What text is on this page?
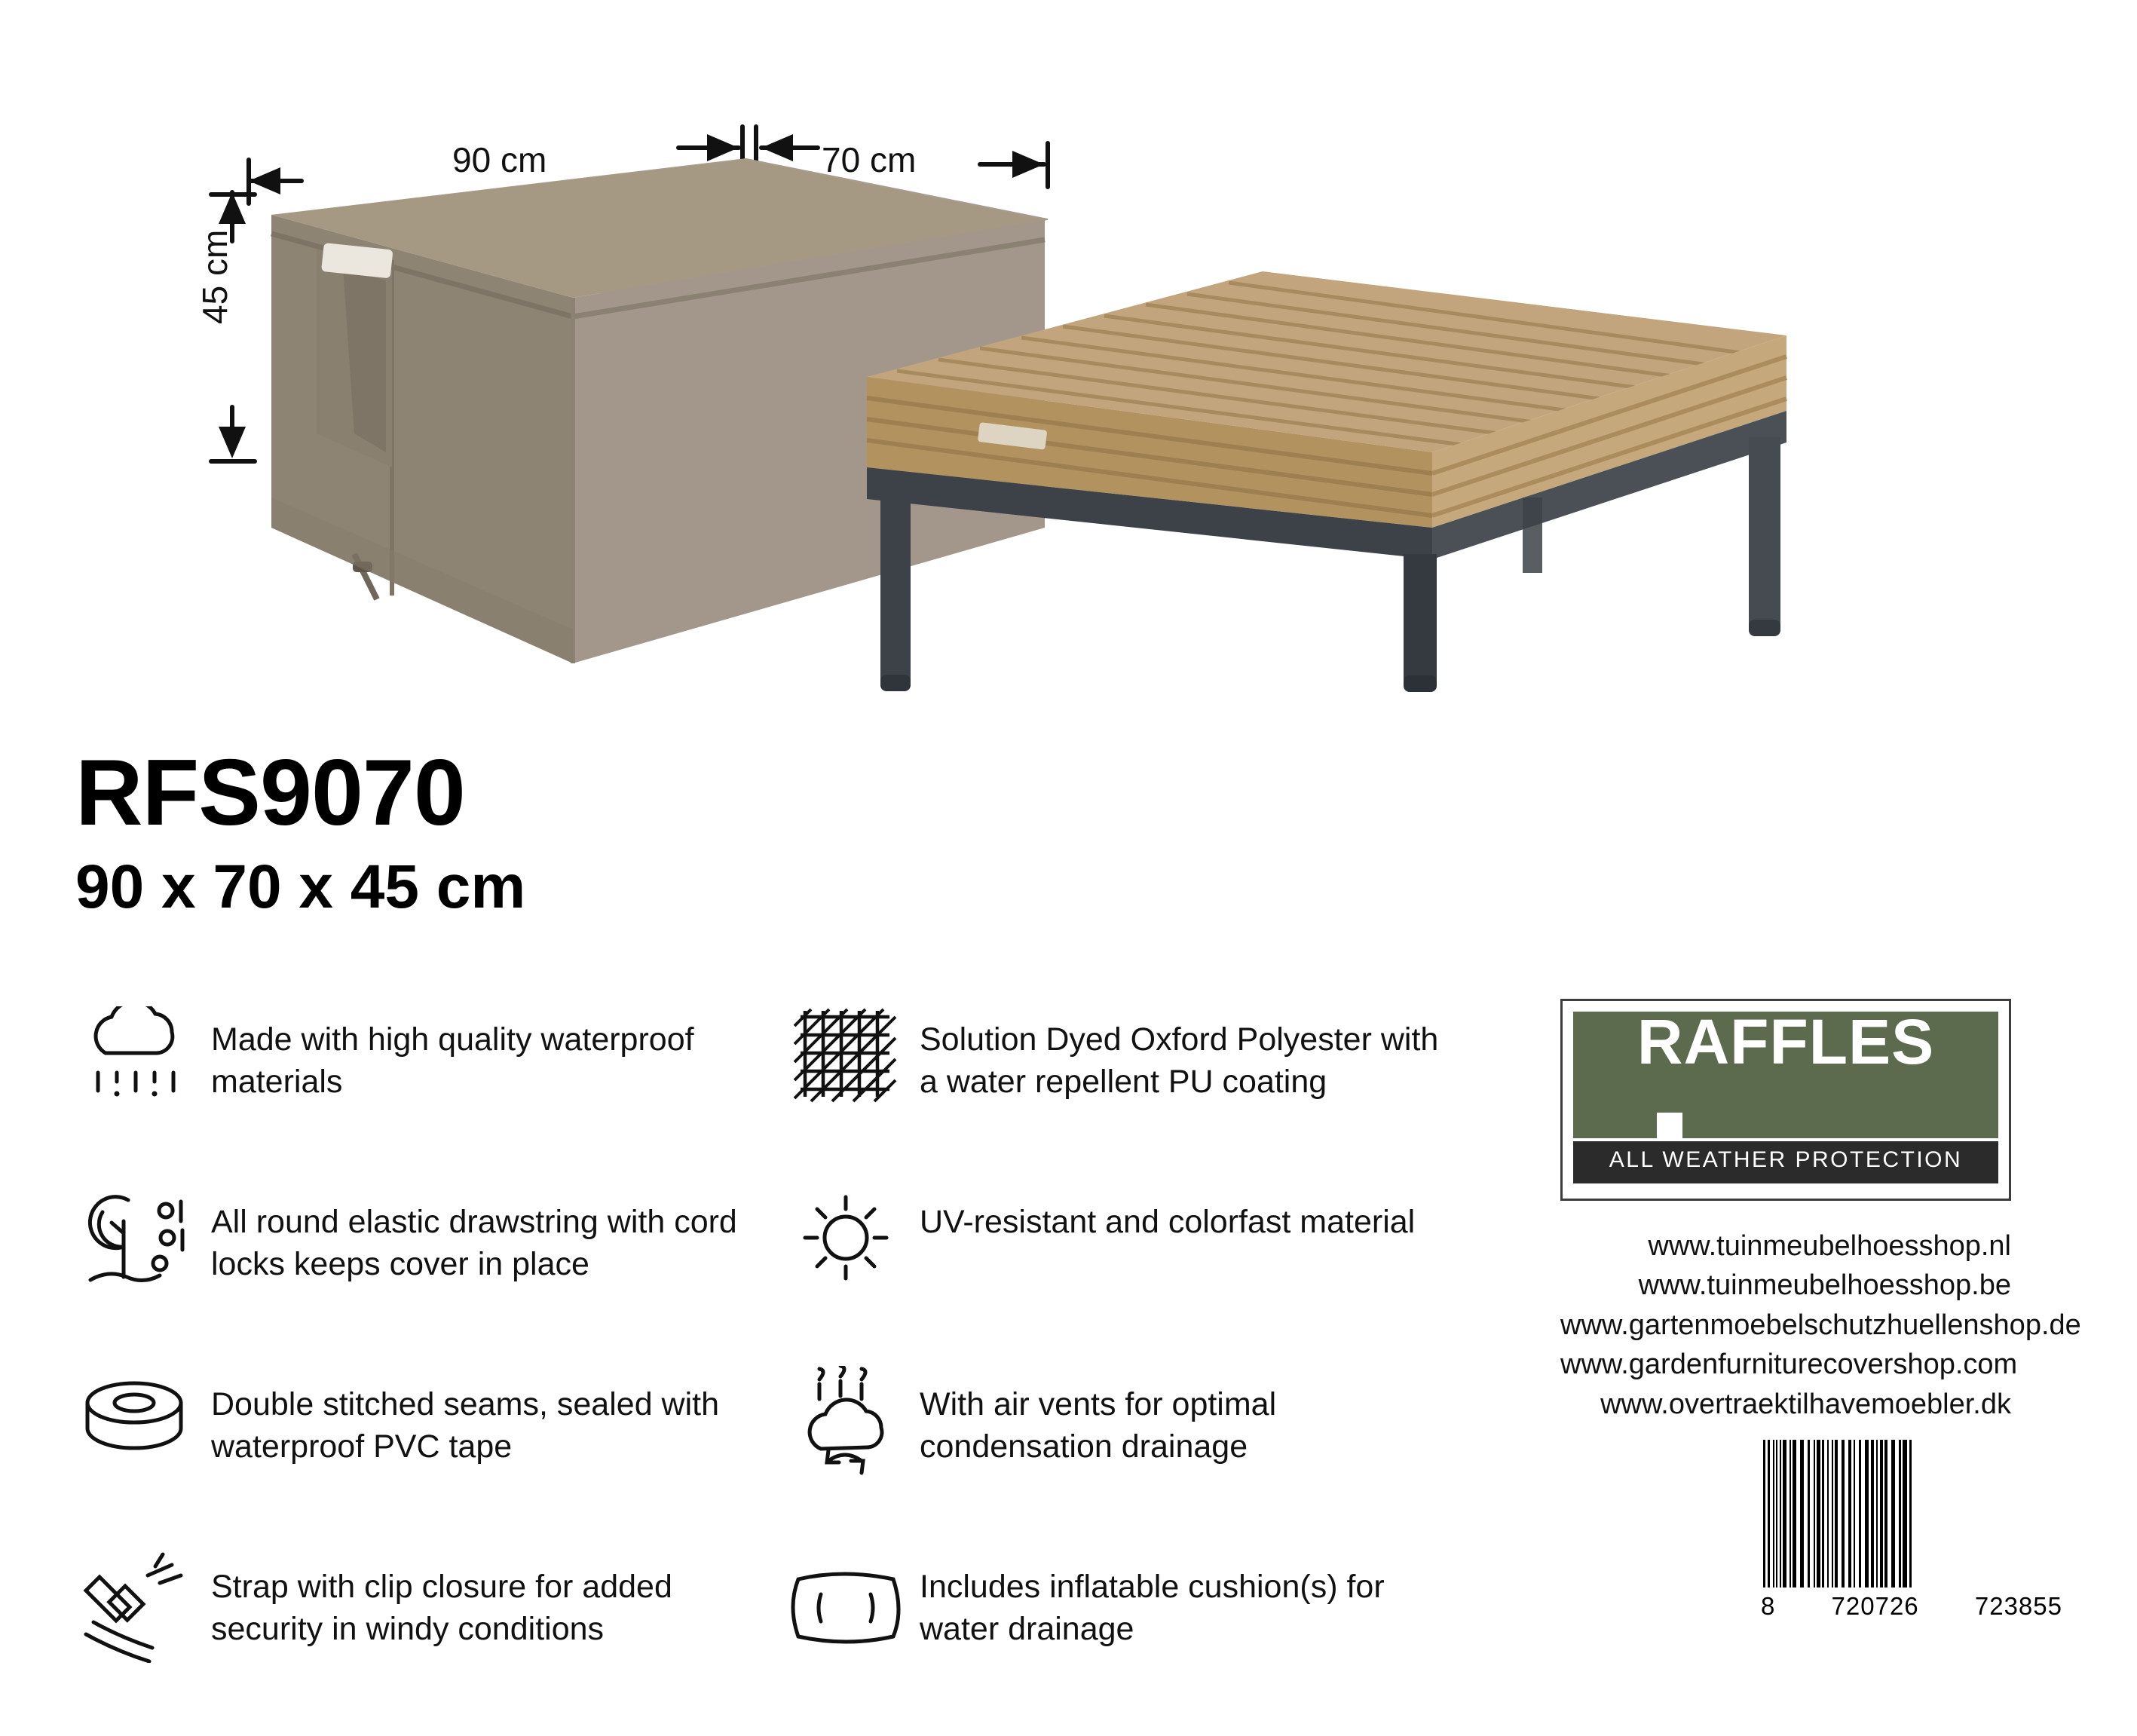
90 cm	70 cm
45 cm
RFS9070
90 x 70 x 45 cm
Made with high quality waterproof materials
All round elastic drawstring with cord locks keeps cover in place
Double stitched seams, sealed with waterproof PVC tape
Strap with clip closure for added security in windy conditions
Solution Dyed Oxford Polyester with a water repellent PU coating
UV-resistant and colorfast material
With air vents for optimal condensation drainage
Includes inflatable cushion(s) for water drainage
RAFFLES
ALL WEATHER PROTECTION
www.tuinmeubelhoesshop.nl
www.tuinmeubelhoesshop.be
www.gartenmoebelschutzhuellenshop.de
www.gardenfurniturecovershop.com
www.overtraektilhavemoebler.dk
8 720726 723855
